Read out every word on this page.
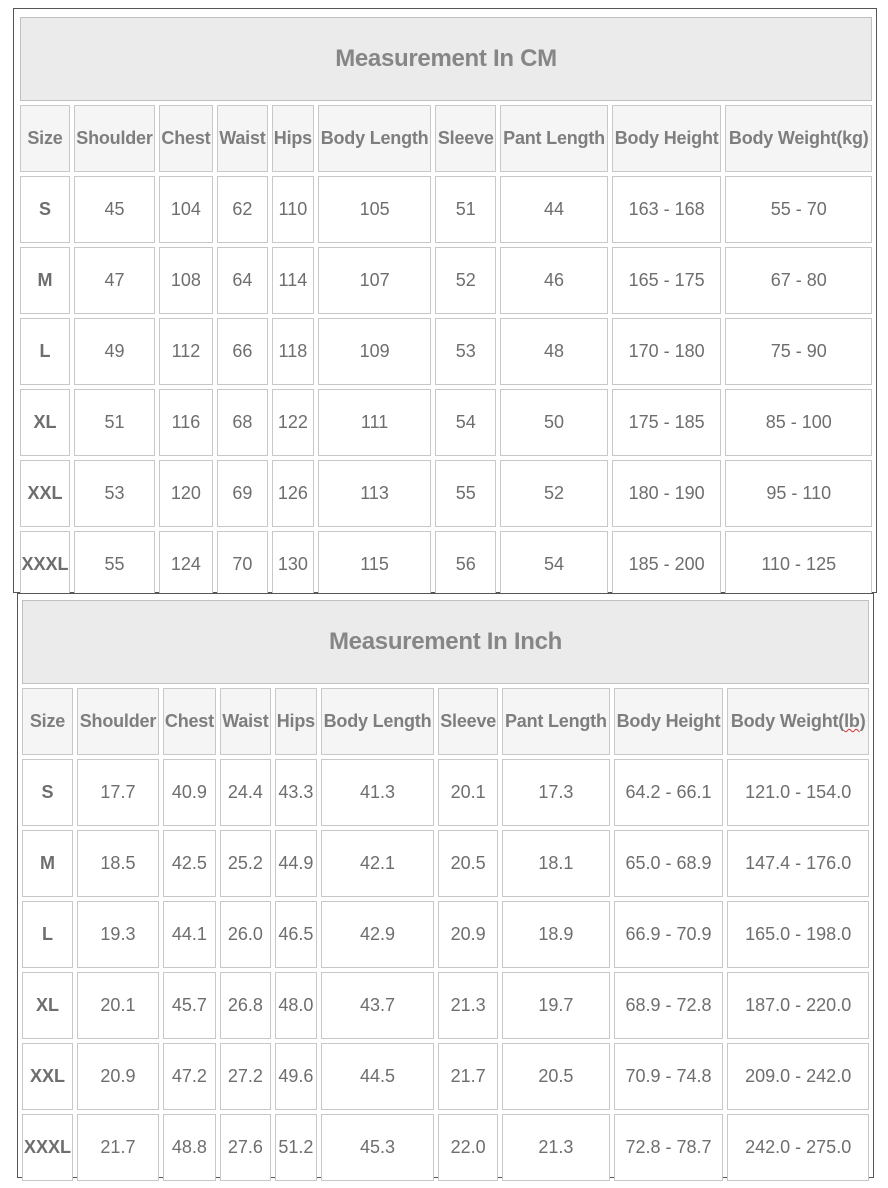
Measurement In CM									
Size	Shoulder	Chest	Waist	Hips	Body Length	Sleeve	Pant Length	Body Height	Body Weight(kg)
S	45	104	62	110	105	51	44	163 - 168	55 - 70
M	47	108	64	114	107	52	46	165 - 175	67 - 80
L	49	112	66	118	109	53	48	170 - 180	75 - 90
XL	51	116	68	122	111	54	50	175 - 185	85 - 100
XXL	53	120	69	126	113	55	52	180 - 190	95 - 110
XXXL	55	124	70	130	115	56	54	185 - 200	110 - 125
Measurement In Inch									
Size	Shoulder	Chest	Waist	Hips	Body Length	Sleeve	Pant Length	Body Height	Body Weight(lb)
S	17.7	40.9	24.4	43.3	41.3	20.1	17.3	64.2 - 66.1	121.0 - 154.0
M	18.5	42.5	25.2	44.9	42.1	20.5	18.1	65.0 - 68.9	147.4 - 176.0
L	19.3	44.1	26.0	46.5	42.9	20.9	18.9	66.9 - 70.9	165.0 - 198.0
XL	20.1	45.7	26.8	48.0	43.7	21.3	19.7	68.9 - 72.8	187.0 - 220.0
XXL	20.9	47.2	27.2	49.6	44.5	21.7	20.5	70.9 - 74.8	209.0 - 242.0
XXXL	21.7	48.8	27.6	51.2	45.3	22.0	21.3	72.8 - 78.7	242.0 - 275.0
